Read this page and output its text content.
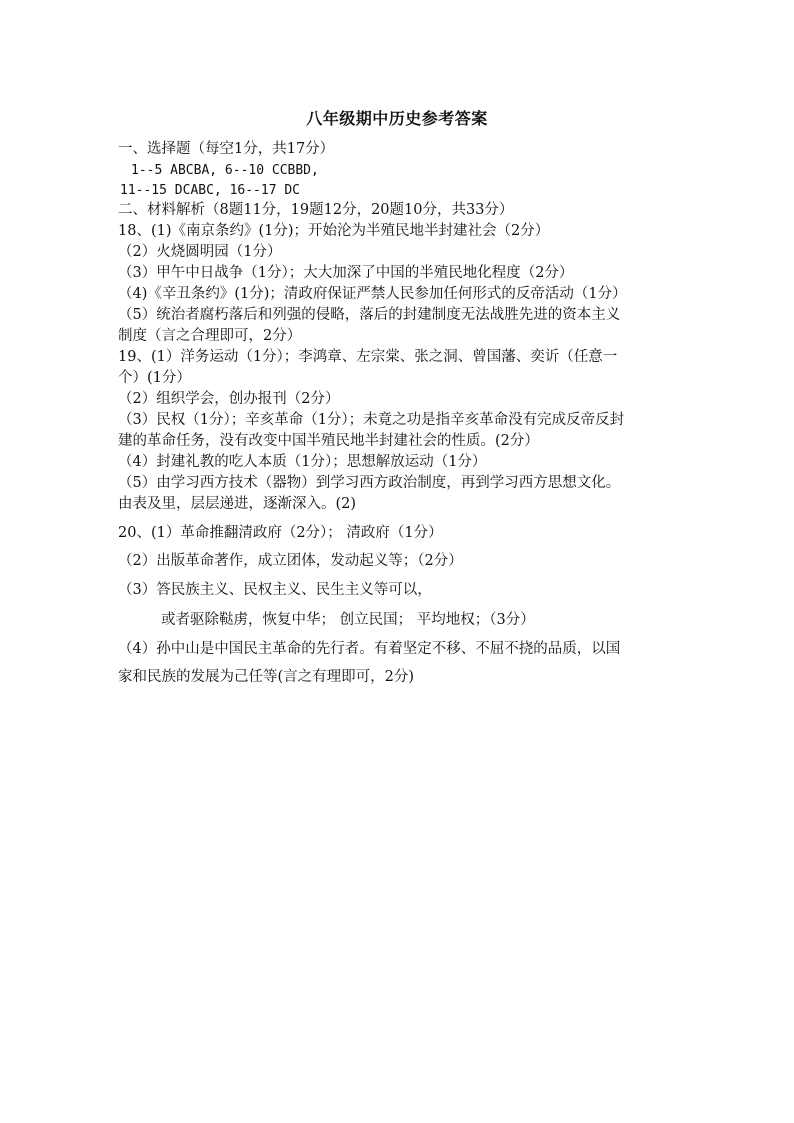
八年级期中历史参考答案
一、选择题（每空1分，共17分）
1--5 ABCBA, 6--10 CCBBD,
11--15 DCABC, 16--17 DC
二、材料解析（8题11分，19题12分，20题10分，共33分）
18、(1)《南京条约》(1分)；开始沦为半殖民地半封建社会（2分）
（2）火烧圆明园（1分）
（3）甲午中日战争（1分）；大大加深了中国的半殖民地化程度（2分）
（4)《辛丑条约》(1分)；清政府保证严禁人民参加任何形式的反帝活动（1分）
（5）统治者腐朽落后和列强的侵略，落后的封建制度无法战胜先进的资本主义
制度（言之合理即可，2分）
19、(1）洋务运动（1分）；李鸿章、左宗棠、张之洞、曾国藩、奕䜣（任意一
个）(1分）
（2）组织学会，创办报刊（2分）
（3）民权（1分）；辛亥革命（1分）；未竟之功是指辛亥革命没有完成反帝反封
建的革命任务，没有改变中国半殖民地半封建社会的性质。(2分）
（4）封建礼教的吃人本质（1分）；思想解放运动（1分）
（5）由学习西方技术（器物）到学习西方政治制度，再到学习西方思想文化。
由表及里，层层递进，逐渐深入。(2)
20、(1）革命推翻清政府（2分）； 清政府（1分）
（2）出版革命著作，成立团体，发动起义等；（2分）
（3）答民族主义、民权主义、民生主义等可以，
或者驱除鞑虏，恢复中华； 创立民国； 平均地权；（3分）
（4）孙中山是中国民主革命的先行者。有着坚定不移、不屈不挠的品质，以国
家和民族的发展为己任等(言之有理即可，2分)
